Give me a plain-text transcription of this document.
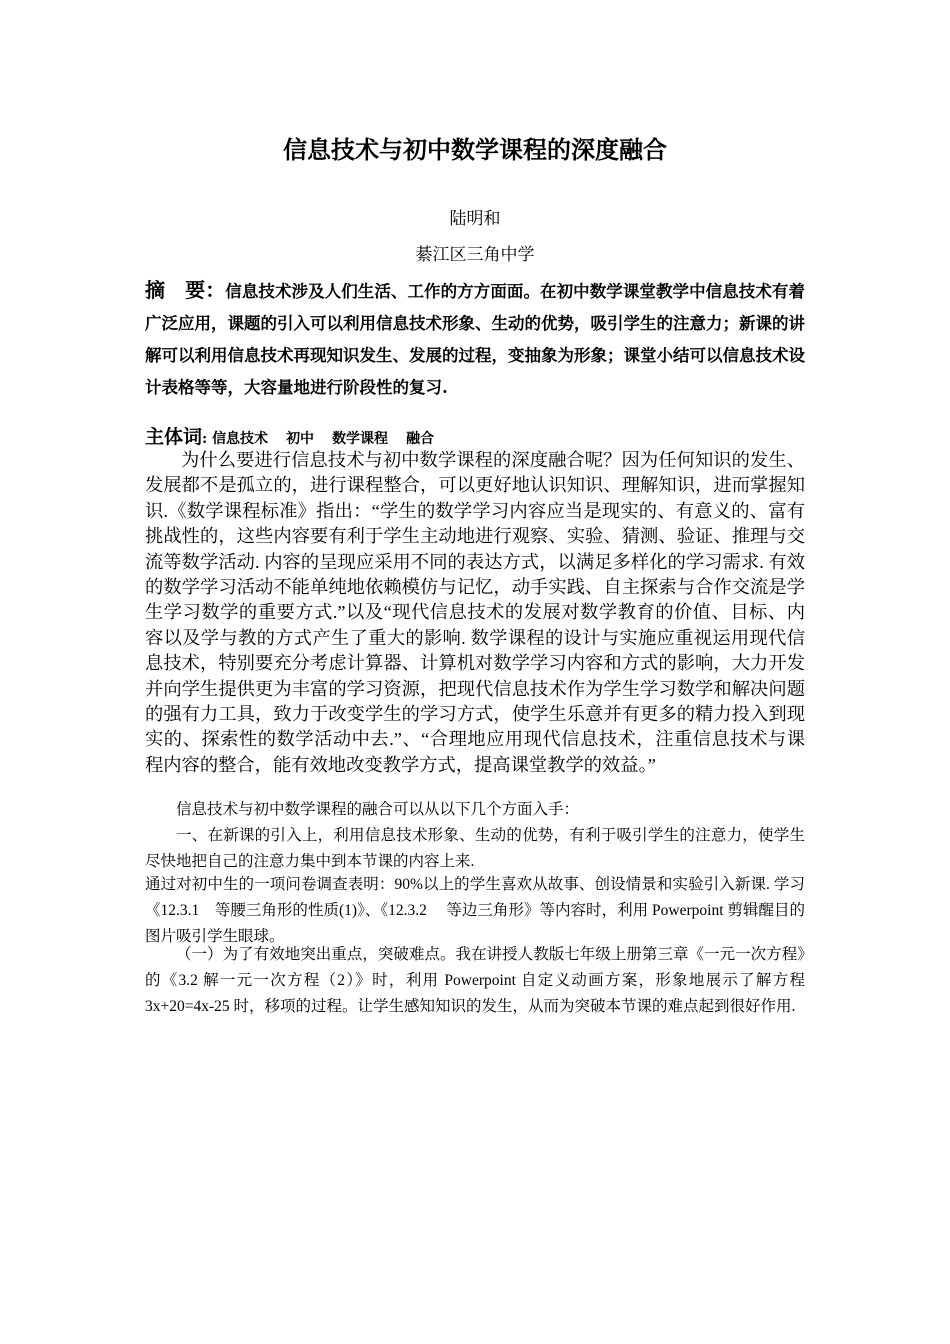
信息技术与初中数学课程的深度融合
陆明和
綦江区三角中学
摘　要：信息技术涉及人们生活、工作的方方面面。在初中数学课堂教学中信息技术有着广泛应用，课题的引入可以利用信息技术形象、生动的优势，吸引学生的注意力；新课的讲解可以利用信息技术再现知识发生、发展的过程，变抽象为形象；课堂小结可以信息技术设计表格等等，大容量地进行阶段性的复习.
主体词: 信息技术 初中 数学课程 融合

为什么要进行信息技术与初中数学课程的深度融合呢？因为任何知识的发生、发展都不是孤立的，进行课程整合，可以更好地认识知识、理解知识，进而掌握知识.《数学课程标准》指出：“学生的数学学习内容应当是现实的、有意义的、富有挑战性的，这些内容要有利于学生主动地进行观察、实验、猜测、验证、推理与交流等数学活动. 内容的呈现应采用不同的表达方式，以满足多样化的学习需求. 有效的数学学习活动不能单纯地依赖模仿与记忆，动手实践、自主探索与合作交流是学生学习数学的重要方式.”以及“现代信息技术的发展对数学教育的价值、目标、内容以及学与教的方式产生了重大的影响. 数学课程的设计与实施应重视运用现代信息技术，特别要充分考虑计算器、计算机对数学学习内容和方式的影响，大力开发并向学生提供更为丰富的学习资源，把现代信息技术作为学生学习数学和解决问题的强有力工具，致力于改变学生的学习方式，使学生乐意并有更多的精力投入到现实的、探索性的数学活动中去.”、“合理地应用现代信息技术，注重信息技术与课程内容的整合，能有效地改变教学方式，提高课堂教学的效益。”

信息技术与初中数学课程的融合可以从以下几个方面入手：

一、在新课的引入上，利用信息技术形象、生动的优势，有利于吸引学生的注意力，使学生尽快地把自己的注意力集中到本节课的内容上来.

通过对初中生的一项问卷调查表明：90%以上的学生喜欢从故事、创设情景和实验引入新课. 学习《12.3.1　等腰三角形的性质(1)》、《12.3.2　 等边三角形》等内容时，利用 Powerpoint 剪辑醒目的图片吸引学生眼球。

（一）为了有效地突出重点，突破难点。我在讲授人教版七年级上册第三章《一元一次方程》的《3.2 解一元一次方程（2）》时，利用 Powerpoint 自定义动画方案，形象地展示了解方程 3x+20=4x-25 时，移项的过程。让学生感知知识的发生，从而为突破本节课的难点起到很好作用.
